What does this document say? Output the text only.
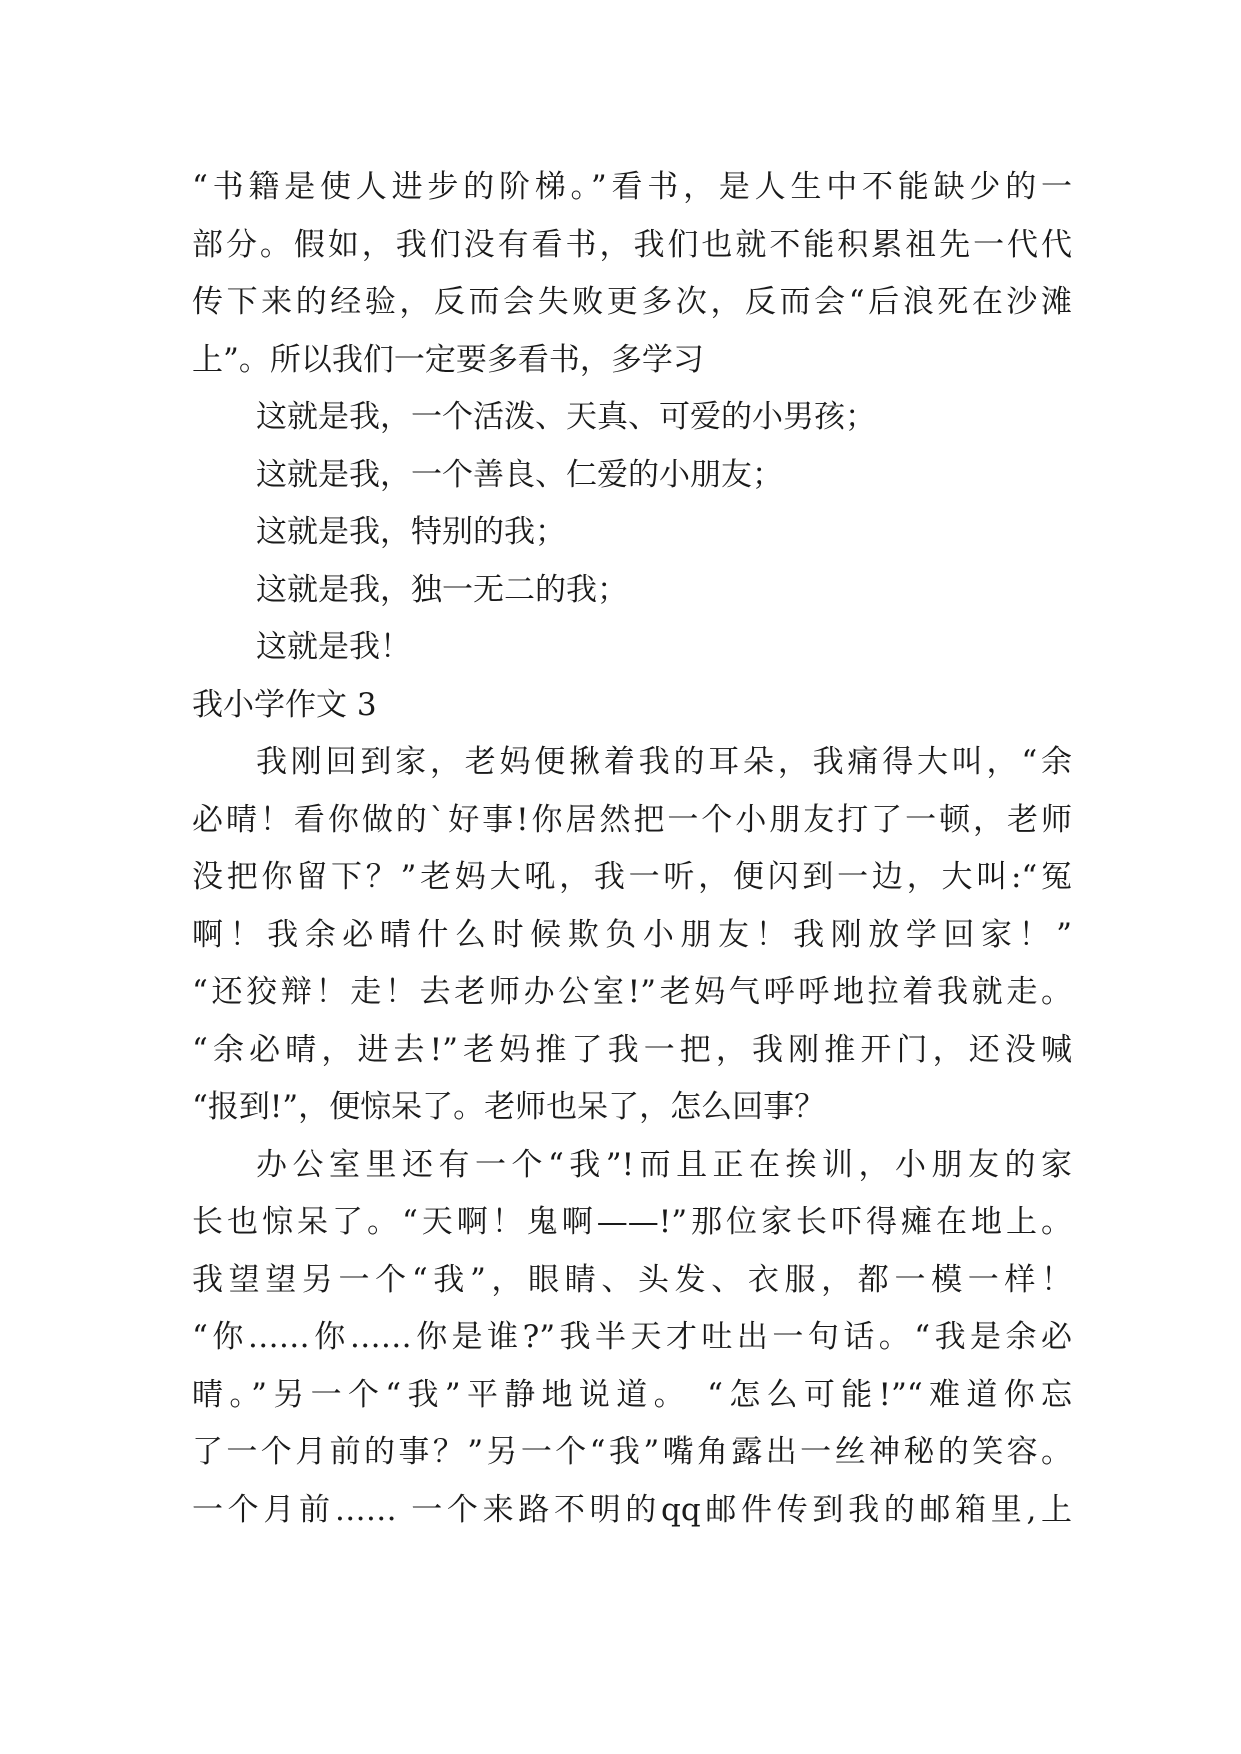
“书籍是使人进步的阶梯。”看书，是人生中不能缺少的一
部分。假如，我们没有看书，我们也就不能积累祖先一代代
传下来的经验，反而会失败更多次，反而会“后浪死在沙滩
上”。所以我们一定要多看书，多学习
这就是我，一个活泼、天真、可爱的小男孩；
这就是我，一个善良、仁爱的小朋友；
这就是我，特别的我；
这就是我，独一无二的我；
这就是我！
我小学作文 3
我刚回到家，老妈便揪着我的耳朵，我痛得大叫，“余
必晴！看你做的`好事!你居然把一个小朋友打了一顿，老师
没把你留下？”老妈大吼，我一听，便闪到一边，大叫:“冤
啊！我余必晴什么时候欺负小朋友！我刚放学回家！”
“还狡辩！走！去老师办公室!”老妈气呼呼地拉着我就走。
“余必晴，进去!”老妈推了我一把，我刚推开门，还没喊
“报到!”，便惊呆了。老师也呆了，怎么回事？
办公室里还有一个“我”!而且正在挨训，小朋友的家
长也惊呆了。“天啊！鬼啊——!”那位家长吓得瘫在地上。
我望望另一个“我”，眼睛、头发、衣服，都一模一样！
“你……你……你是谁?”我半天才吐出一句话。“我是余必
晴。”另一个“我”平静地说道。 “怎么可能!”“难道你忘
了一个月前的事？”另一个“我”嘴角露出一丝神秘的笑容。
一个月前…… 一个来路不明的qq邮件传到我的邮箱里,上
